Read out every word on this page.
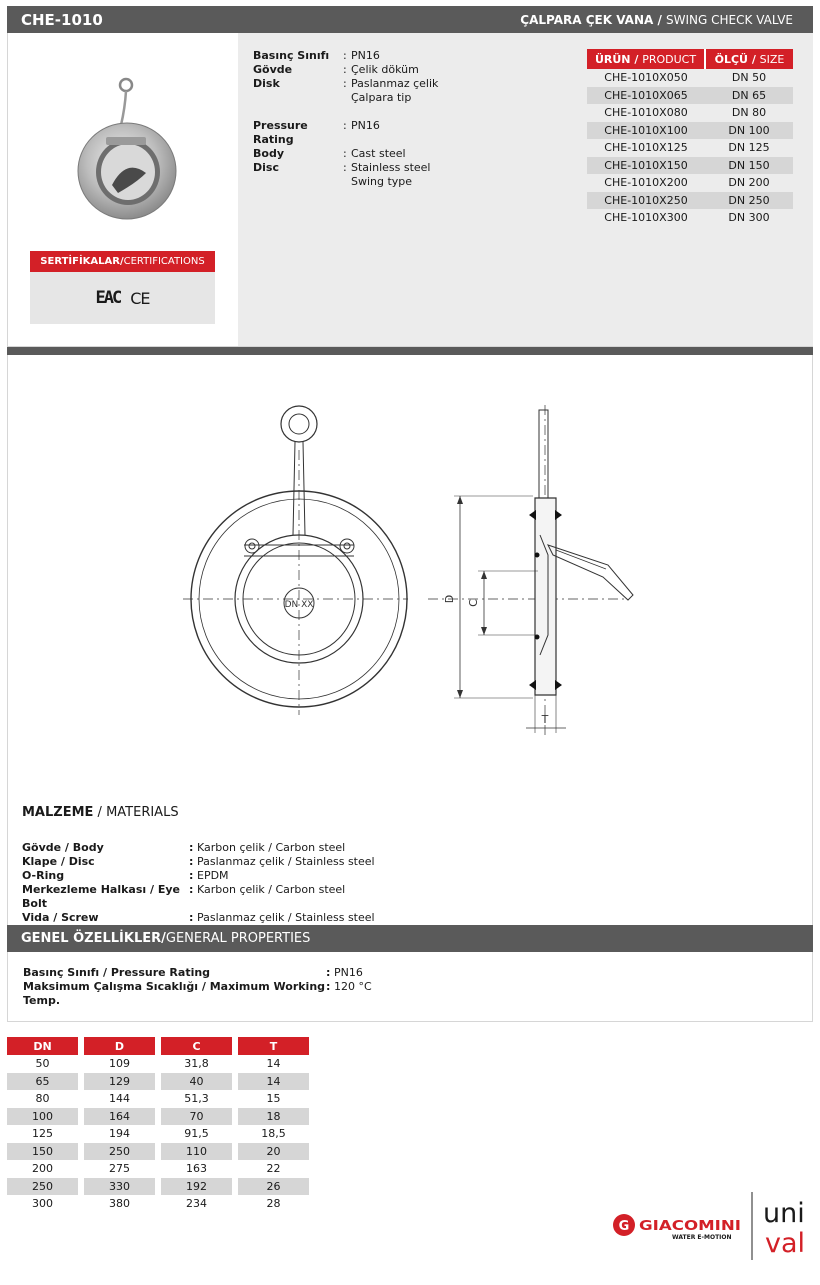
CHE-1010	ÇALPARA ÇEK VANA / SWING CHECK VALVE
SERTİFİKALAR / CERTIFICATIONS
EAC CE
Basınç Sınıfı	: PN16
Gövde	: Çelik döküm
Disk	: Paslanmaz çelik
Çalpara tip
Pressure Rating
: PN16
Body	: Cast steel
Disc	: Stainless steel
Swing type
ÜRÜN / PRODUCT	ÖLÇÜ / SIZE
CHE-1010X050	DN 50
CHE-1010X065	DN 65
CHE-1010X080	DN 80
CHE-1010X100	DN 100
CHE-1010X125	DN 125
CHE-1010X150	DN 150
CHE-1010X200	DN 200
CHE-1010X250	DN 250
CHE-1010X300	DN 300
DN XX
D C
T
MALZEME / MATERIALS
Gövde / Body	: Karbon çelik / Carbon steel
Klape / Disc	: Paslanmaz çelik / Stainless steel
O-Ring	: EPDM
Merkezleme Halkası / Eye Bolt
: Karbon çelik / Carbon steel
Vida / Screw	: Paslanmaz çelik / Stainless steel
GENEL ÖZELLİKLER / GENERAL PROPERTIES
Basınç Sınıfı / Pressure Rating	: PN16
Maksimum Çalışma Sıcaklığı / Maximum Working Temp.
: 120 °C
DN		D		C		T
50		109		31,8		14
65		129		40		14
80		144		51,3		15
100		164		70		18
125		194		91,5		18,5
150		250		110		20
200		275		163		22
250		330		192		26
300		380		234		28
G GIACOMINI
WATER E-MOTION
uni
val
